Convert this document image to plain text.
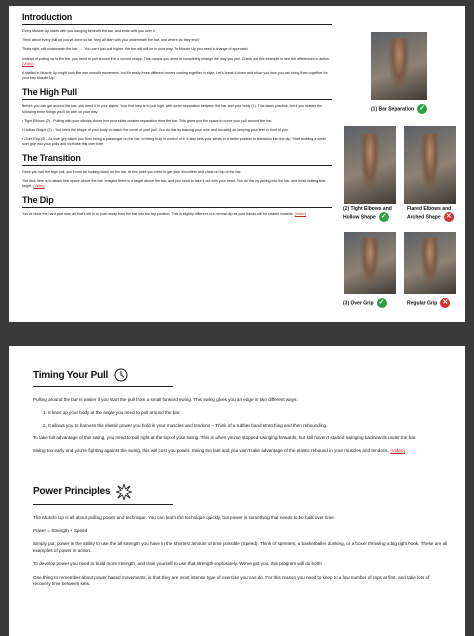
Introduction

Every Muscle Up starts with you hanging beneath the bar, and ends with you over it.

Think about every pull up you've done so far, they all start with you underneath the bar, and where do they end?

Thats right, still underneath the bar . . . You can't just pull higher, the bar will still be in your way. To Muscle Up you need a change of approach.

Instead of pulling up to the bar, you need to pull around it in a curved shape. This means you need to completely change the way you pull. Check out this example to see the differences in action. (Video)

A stalled in Muscle Up might look like one smooth movement, but it's really three different moves coming together in style. Let's break it down and show you how you can bring them together for your first Muscle Up!

The High Pull

Before you can get around the bar, you need it in your sights. Your first step is to pull high, with some separation between the bar and your body (1). This takes practice, but if you master the following three things you'll be well on your way.

• Tight Elbows (2) - Pulling with your elbows closer into your sides creates separation from the bar. This gives you the space to curve your pull around the bar.

• Hollow Shape (2) - You need the shape of your body to match the curve of your pull. You do this by bracing your core and focusing on keeping your feet in front of you.

• Over Grip (3) - As over grip takes you from being a passenger on the bar, to being truly in control of it. It also sets your wrists in a better position to transition into the dip. Start building a small over grip into your pulls and increase this over time.

The Transition

Once you nail the high pull, you'll now be looking down on the bar. At this point you need to get your shoulders and chest on top of the bar.

The trick here is to attack that space above the bar. Imagine there is a target above the bar, and you need to take it out with your head. You do this by pulling into the bar, and head-butting that target. (Video)

The Dip

You've done the hard part now, all that's left is to push away from the bar into the top position. This is slightly different to a normal dip as your hands will be rotated inwards. (Video)

(1) Bar Separation ✓
(2) Tight Elbows and Hollow Shape ✓
Flared Elbows and Arched Shape ✕
(3) Over Grip ✓	Regular Grip ✕
Timing Your Pull

Pulling around the bar is easier if you start the pull from a small forward swing. This swing gives you an edge in two different ways:

1. It lines up your body at the angle you need to pull around the bar.

2. It allows you to harness the elastic power you hold in your muscles and tendons – Think of a rubber band stretching and then rebounding.

To take full advantage of this swing, you need to pull right at the top of your swing. This is when you've stopped swinging forwards, but still haven't started swinging backwards under the bar.

Swing too early and you're fighting against the swing, this will cost you power. Swing too late and you won't take advantage of the elastic rebound in your muscles and tendons. (Video)

Power Principles

The Muscle Up is all about pulling power and technique. You can learn the technique quickly, but power is something that needs to be built over time.

Power = Strength + Speed

Simply put, power is the ability to use the all strength you have in the shortest amount of time possible (Speed). Think of sprinters, a basketballer dunking, or a boxer throwing a big right hook. These are all examples of power in action.

To develop power you need to build more strength, and train yourself to use that strength explosively. We've got you, this program will do both!

One thing to remember about power based movements, is that they are most intense type of exercise you can do. For this reason you need to keep to a low number of reps at first, and take lots of recovery time between sets.
